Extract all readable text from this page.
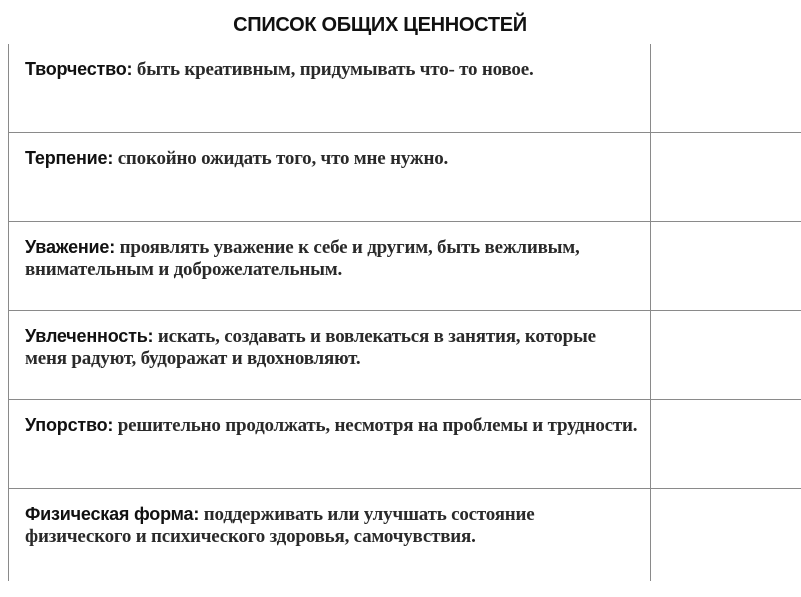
СПИСОК ОБЩИХ ЦЕННОСТЕЙ
Творчество: быть креативным, придумывать что- то новое.	

Терпение: спокойно ожидать того, что мне нужно.	

Уважение: проявлять уважение к себе и другим, быть вежливым, внимательным и доброжелательным.	

Увлеченность: искать, создавать и вовлекаться в занятия, которые меня радуют, будоражат и вдохновляют.	

Упорство: решительно продолжать, несмотря на проблемы и трудности.	

Физическая форма: поддерживать или улучшать состояние физического и психического здоровья, самочувствия.	
